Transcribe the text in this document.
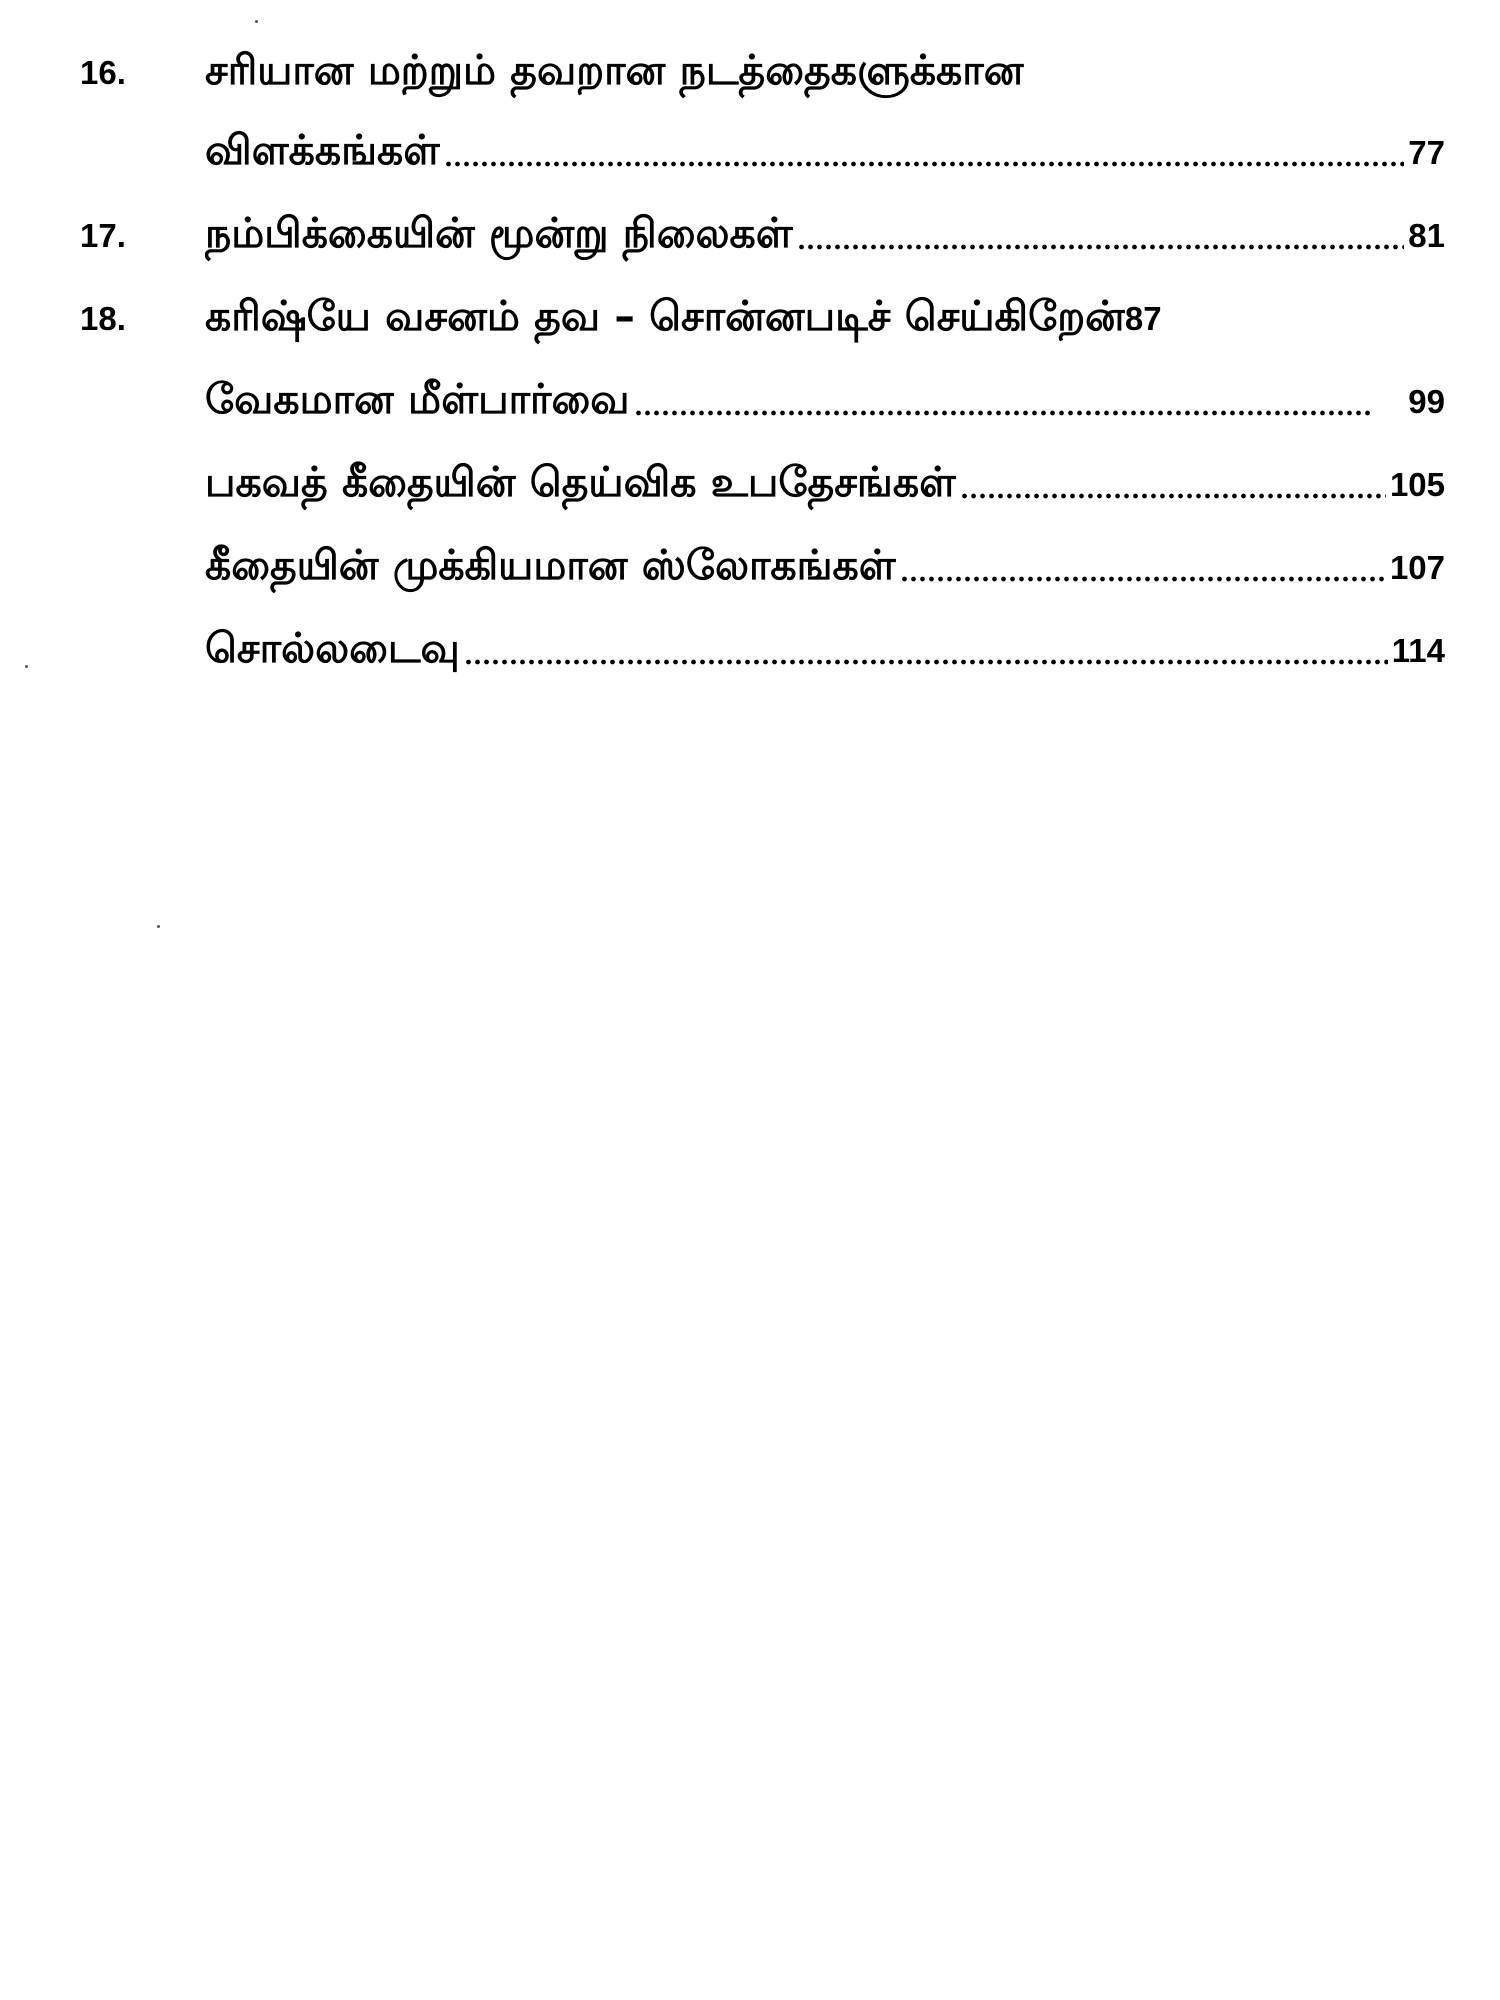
16.	சரியான மற்றும் தவறான நடத்தைகளுக்கான
விளக்கங்கள்	77
17.	நம்பிக்கையின் மூன்று நிலைகள்	81
18.	கரிஷ்யே வசனம் தவ – சொன்னபடிச் செய்கிறேன் 87
வேகமான மீள்பார்வை	99
பகவத் கீதையின் தெய்விக உபதேசங்கள்	105
கீதையின் முக்கியமான ஸ்லோகங்கள்	107
சொல்லடைவு	114
